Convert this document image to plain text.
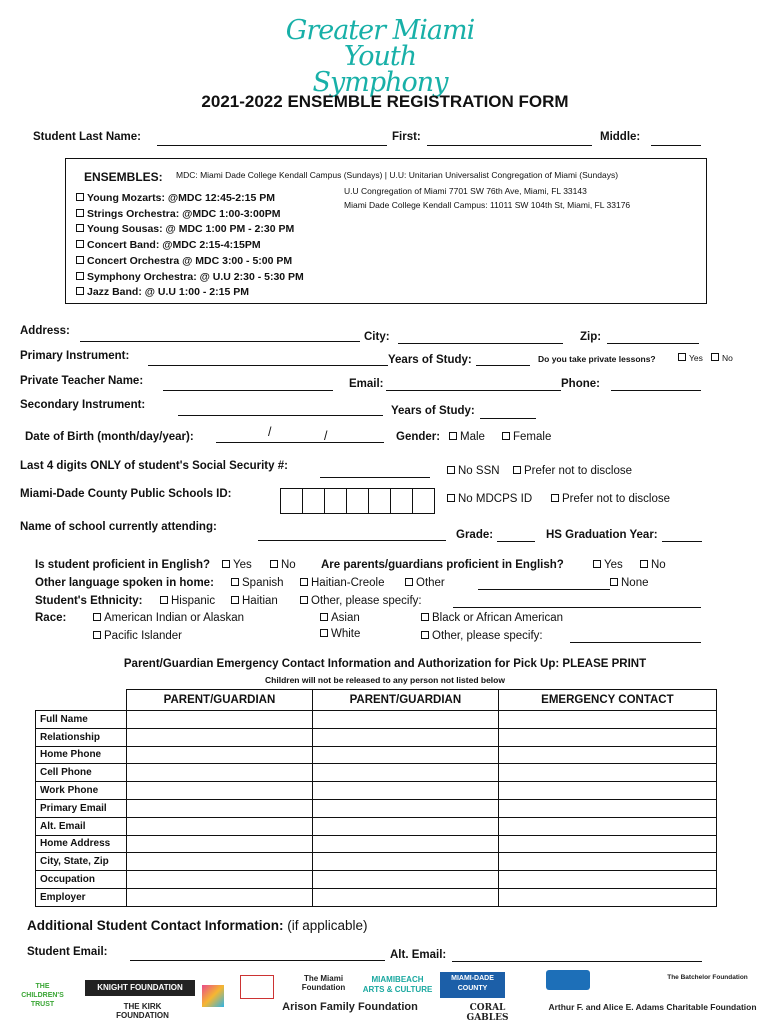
Greater Miami
Youth Symphony
2021-2022 ENSEMBLE REGISTRATION FORM
Student Last Name:	First:	Middle:
ENSEMBLES: MDC: Miami Dade College Kendall Campus (Sundays) | U.U: Unitarian Universalist Congregation of Miami (Sundays)
U.U Congregation of Miami 7701 SW 76th Ave, Miami, FL 33143
Miami Dade College Kendall Campus: 11011 SW 104th St, Miami, FL 33176
Young Mozarts: @MDC 12:45-2:15 PM
Strings Orchestra: @MDC 1:00-3:00PM
Young Sousas: @ MDC 1:00 PM - 2:30 PM
Concert Band: @MDC 2:15-4:15PM
Concert Orchestra @ MDC 3:00 - 5:00 PM
Symphony Orchestra: @ U.U 2:30 - 5:30 PM
Jazz Band: @ U.U 1:00 - 2:15 PM
Address:	City:	Zip:
Primary Instrument:	Years of Study:	Do you take private lessons?	Yes	No
Private Teacher Name:	Email:	Phone:
Secondary Instrument:	Years of Study:
Date of Birth (month/day/year):	/	/	Gender:	Male	Female
Last 4 digits ONLY of student's Social Security #:	No SSN	Prefer not to disclose
Miami-Dade County Public Schools ID:	No MDCPS ID	Prefer not to disclose
Name of school currently attending:
Grade:	HS Graduation Year:
Is student proficient in English?	Yes	No Are parents/guardians proficient in English?	Yes	No
Other language spoken in home:	Spanish	Haitian-Creole	Other	None
Student's Ethnicity:	Hispanic	Haitian	Other, please specify:
Race:	American Indian or Alaskan	Asian	Black or African American
Pacific Islander	White	Other, please specify:
Parent/Guardian Emergency Contact Information and Authorization for Pick Up: PLEASE PRINT
Children will not be released to any person not listed below
	PARENT/GUARDIAN	PARENT/GUARDIAN	EMERGENCY CONTACT
Full Name			
Relationship			
Home Phone			
Cell Phone			
Work Phone			
Primary Email			
Alt. Email			
Home Address			
City, State, Zip			
Occupation			
Employer			
Additional Student Contact Information: (if applicable)
Student Email:	Alt. Email:
THE CHILDREN'S TRUST
KNIGHT FOUNDATION
THE KIRK FOUNDATION
The Miami Foundation
Arison Family Foundation
MIAMIBEACH ARTS & CULTURE
MIAMI-DADE COUNTY
CORAL GABLES
The Batchelor Foundation
Arthur F. and Alice E. Adams Charitable Foundation
